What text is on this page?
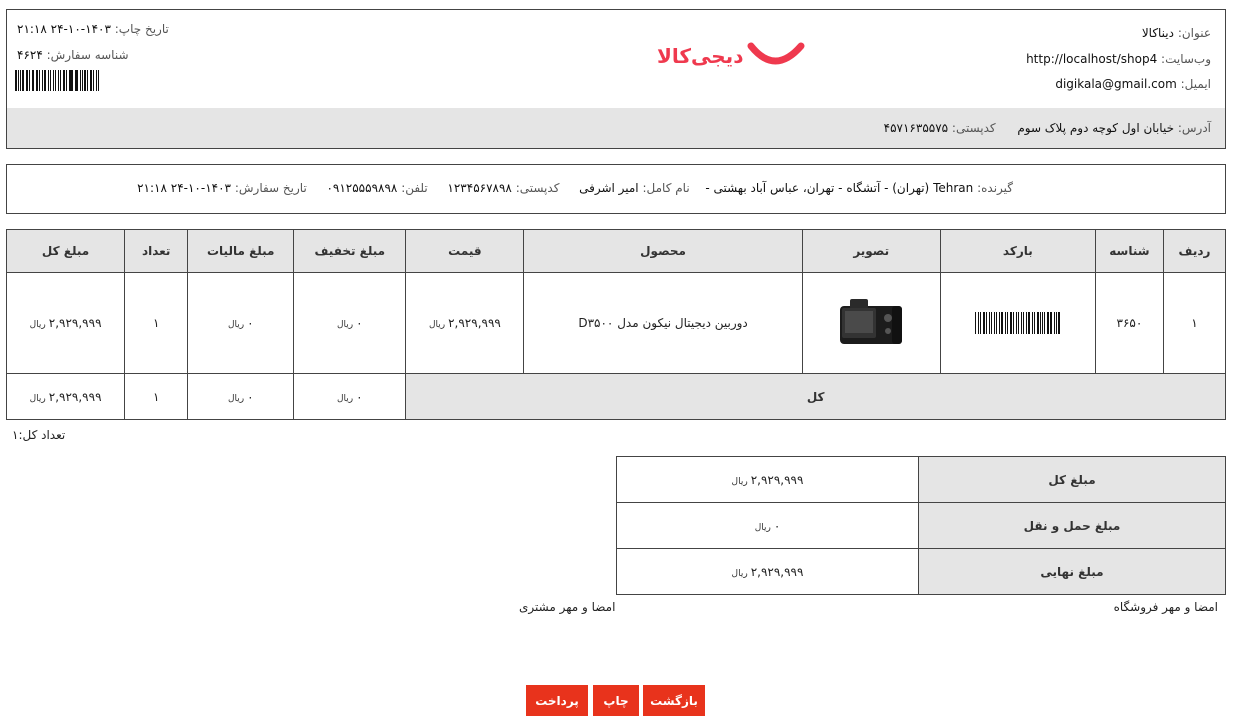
عنوان: دیناکالا
وب‌سایت: http://localhost/shop4
ایمیل: digikala@gmail.com
آدرس: خیابان اول کوچه دوم پلاک سوم  کدپستی: ۴۵۷۱۶۳۵۵۷۵
دیجی‌کالا
تاریخ چاپ: ۱۴۰۳-۱۰-۲۴ ۲۱:۱۸
شناسه سفارش: ۴۶۲۴
گیرنده: Tehran (تهران) - آتشگاه - تهران، عباس آباد بهشتی -  نام کامل: امیر اشرفی  کدپستی: ۱۲۳۴۵۶۷۸۹۸  تلفن: ۰۹۱۲۵۵۵۹۸۹۸  تاریخ سفارش: ۱۴۰۳-۱۰-۲۴ ۲۱:۱۸
ردیف	شناسه	بارکد	تصویر	محصول	قیمت	مبلغ تخفیف	مبلغ مالیات	تعداد	مبلغ کل
۱	۳۶۵۰			دوربین دیجیتال نیکون مدل D۳۵۰۰	۲,۹۲۹,۹۹۹ریال	۰ریال	۰ریال	۱	۲,۹۲۹,۹۹۹ریال
کل						۰ریال	۰ریال	۱	۲,۹۲۹,۹۹۹ریال
تعداد کل:۱
مبلغ کل	۲,۹۲۹,۹۹۹ریال
مبلغ حمل و نقل	۰ریال
مبلغ نهایی	۲,۹۲۹,۹۹۹ریال
امضا و مهر فروشگاه
امضا و مهر مشتری
بازگشت
چاپ
پرداخت
